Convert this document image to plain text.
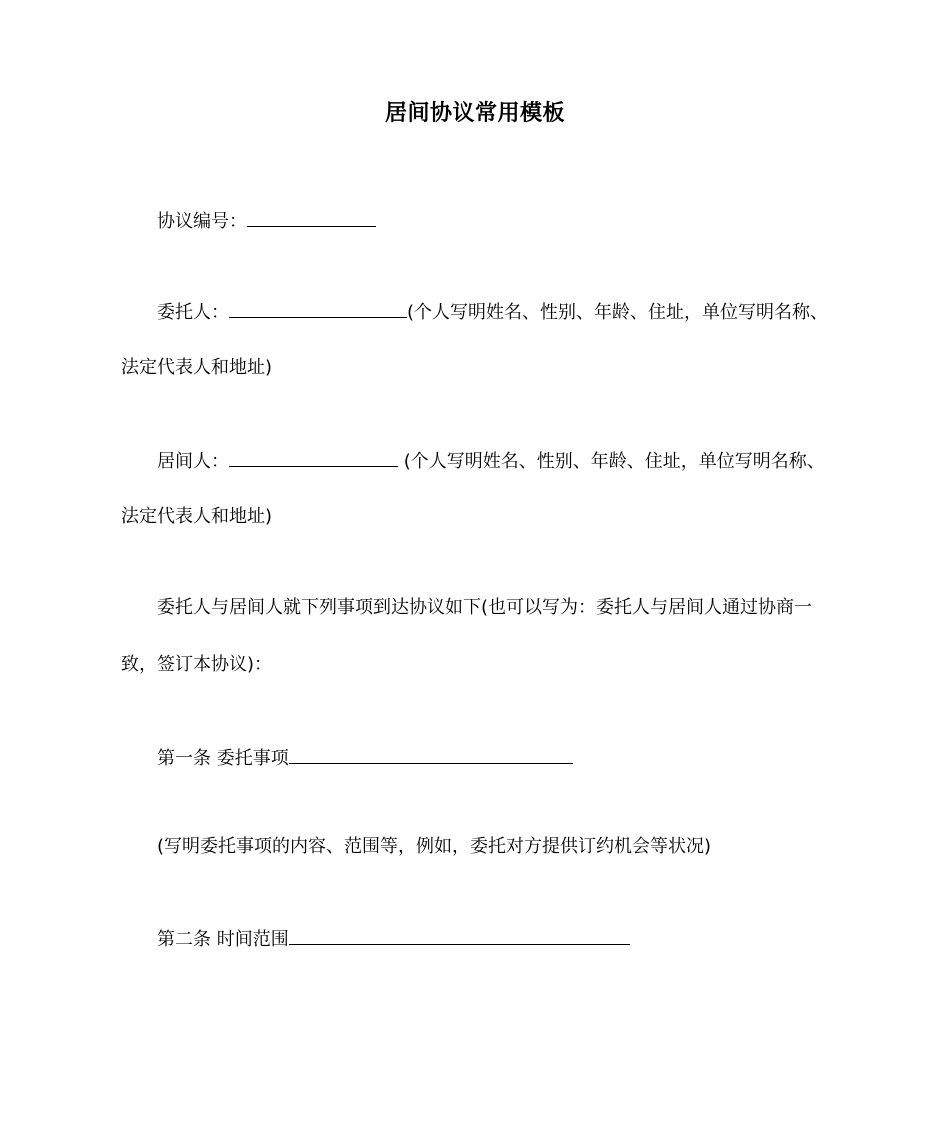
居间协议常用模板
协议编号：
委托人：	(个人写明姓名、性别、年龄、住址，单位写明名称、
法定代表人和地址)
居间人：	(个人写明姓名、性别、年龄、住址，单位写明名称、
法定代表人和地址)
委托人与居间人就下列事项到达协议如下(也可以写为：委托人与居间人通过协商一
致，签订本协议)：
第一条 委托事项
(写明委托事项的内容、范围等，例如，委托对方提供订约机会等状况)
第二条 时间范围
